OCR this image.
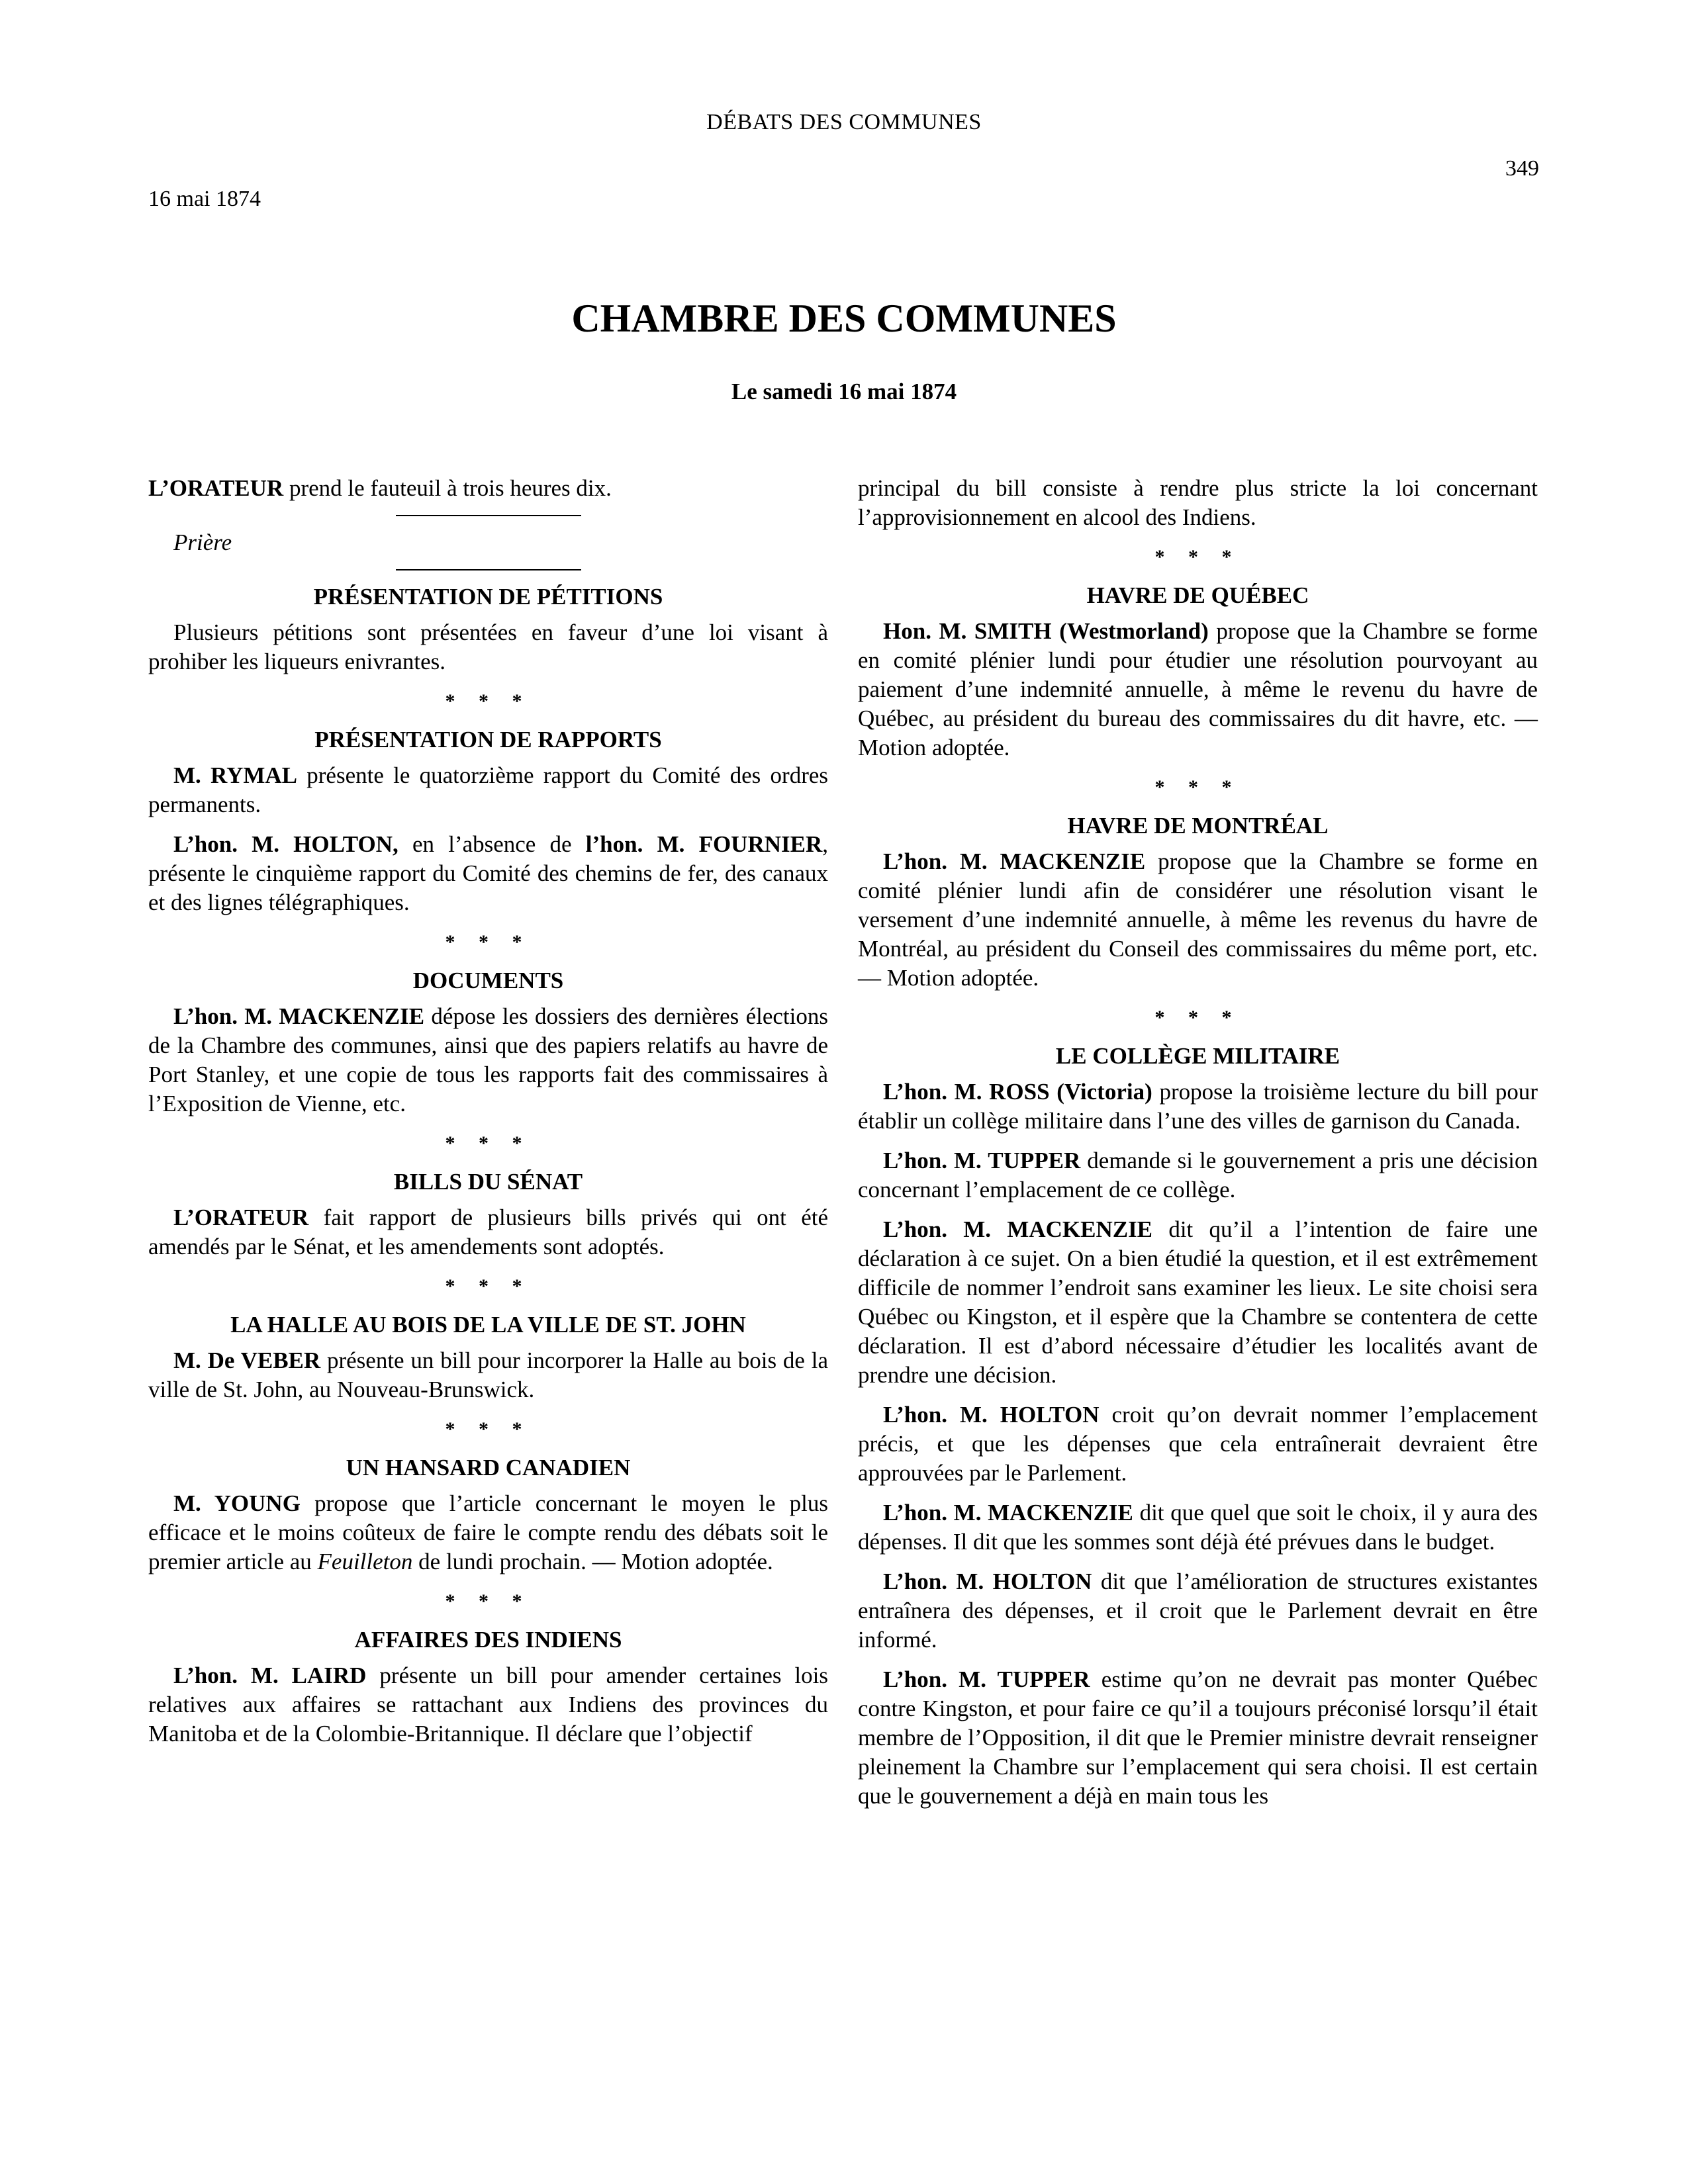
DÉBATS DES COMMUNES
349
16 mai 1874
CHAMBRE DES COMMUNES
Le samedi 16 mai 1874

L’ORATEUR prend le fauteuil à trois heures dix.

Prière

PRÉSENTATION DE PÉTITIONS

Plusieurs pétitions sont présentées en faveur d’une loi visant à prohiber les liqueurs enivrantes.

* * *
PRÉSENTATION DE RAPPORTS

M. RYMAL présente le quatorzième rapport du Comité des ordres permanents.

L’hon. M. HOLTON, en l’absence de l’hon. M. FOURNIER, présente le cinquième rapport du Comité des chemins de fer, des canaux et des lignes télégraphiques.

* * *
DOCUMENTS

L’hon. M. MACKENZIE dépose les dossiers des dernières élections de la Chambre des communes, ainsi que des papiers relatifs au havre de Port Stanley, et une copie de tous les rapports fait des commissaires à l’Exposition de Vienne, etc.

* * *
BILLS DU SÉNAT

L’ORATEUR fait rapport de plusieurs bills privés qui ont été amendés par le Sénat, et les amendements sont adoptés.

* * *
LA HALLE AU BOIS DE LA VILLE DE ST. JOHN

M. De VEBER présente un bill pour incorporer la Halle au bois de la ville de St. John, au Nouveau-Brunswick.

* * *
UN HANSARD CANADIEN

M. YOUNG propose que l’article concernant le moyen le plus efficace et le moins coûteux de faire le compte rendu des débats soit le premier article au Feuilleton de lundi prochain. — Motion adoptée.

* * *
AFFAIRES DES INDIENS

L’hon. M. LAIRD présente un bill pour amender certaines lois relatives aux affaires se rattachant aux Indiens des provinces du Manitoba et de la Colombie-Britannique. Il déclare que l’objectif

principal du bill consiste à rendre plus stricte la loi concernant l’approvisionnement en alcool des Indiens.

* * *
HAVRE DE QUÉBEC

Hon. M. SMITH (Westmorland) propose que la Chambre se forme en comité plénier lundi pour étudier une résolution pourvoyant au paiement d’une indemnité annuelle, à même le revenu du havre de Québec, au président du bureau des commissaires du dit havre, etc. — Motion adoptée.

* * *
HAVRE DE MONTRÉAL

L’hon. M. MACKENZIE propose que la Chambre se forme en comité plénier lundi afin de considérer une résolution visant le versement d’une indemnité annuelle, à même les revenus du havre de Montréal, au président du Conseil des commissaires du même port, etc. — Motion adoptée.

* * *
LE COLLÈGE MILITAIRE

L’hon. M. ROSS (Victoria) propose la troisième lecture du bill pour établir un collège militaire dans l’une des villes de garnison du Canada.

L’hon. M. TUPPER demande si le gouvernement a pris une décision concernant l’emplacement de ce collège.

L’hon. M. MACKENZIE dit qu’il a l’intention de faire une déclaration à ce sujet. On a bien étudié la question, et il est extrêmement difficile de nommer l’endroit sans examiner les lieux. Le site choisi sera Québec ou Kingston, et il espère que la Chambre se contentera de cette déclaration. Il est d’abord nécessaire d’étudier les localités avant de prendre une décision.

L’hon. M. HOLTON croit qu’on devrait nommer l’emplacement précis, et que les dépenses que cela entraînerait devraient être approuvées par le Parlement.

L’hon. M. MACKENZIE dit que quel que soit le choix, il y aura des dépenses. Il dit que les sommes sont déjà été prévues dans le budget.

L’hon. M. HOLTON dit que l’amélioration de structures existantes entraînera des dépenses, et il croit que le Parlement devrait en être informé.

L’hon. M. TUPPER estime qu’on ne devrait pas monter Québec contre Kingston, et pour faire ce qu’il a toujours préconisé lorsqu’il était membre de l’Opposition, il dit que le Premier ministre devrait renseigner pleinement la Chambre sur l’emplacement qui sera choisi. Il est certain que le gouvernement a déjà en main tous les
